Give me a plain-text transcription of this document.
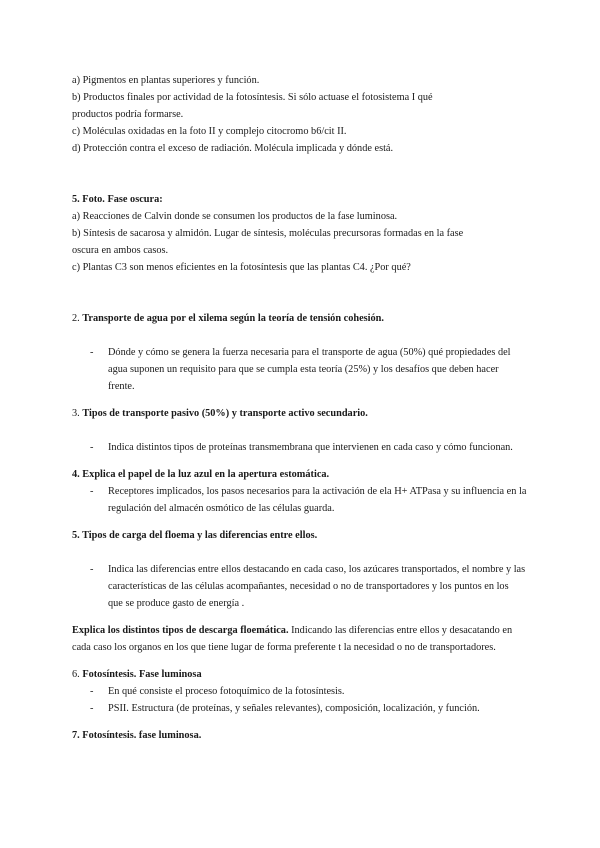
a) Pigmentos en plantas superiores y función.

b) Productos finales por actividad de la fotosíntesis. Si sólo actuase el fotosistema I qué

productos podría formarse.

c) Moléculas oxidadas en la foto II y complejo citocromo b6/cit II.

d) Protección contra el exceso de radiación. Molécula implicada y dónde está.

5. Foto. Fase oscura:

a) Reacciones de Calvin donde se consumen los productos de la fase luminosa.

b) Síntesis de sacarosa y almidón. Lugar de síntesis, moléculas precursoras formadas en la fase

oscura en ambos casos.

c) Plantas C3 son menos eficientes en la fotosíntesis que las plantas C4. ¿Por qué?

2. Transporte de agua por el xilema según la teoría de tensión cohesión.

- Dónde y cómo se genera la fuerza necesaria para el transporte de agua (50%) qué propiedades del
agua suponen un requisito para que se cumpla esta teoría (25%) y los desafíos que deben hacer
frente.

3. Tipos de transporte pasivo (50%) y transporte activo secundario.

- Indica distintos tipos de proteínas transmembrana que intervienen en cada caso y cómo funcionan.

4. Explica el papel de la luz azul en la apertura estomática.

- Receptores implicados, los pasos necesarios para la activación de ela H+ ATPasa y su influencia en la
regulación del almacén osmótico de las células guarda.

5. Tipos de carga del floema y las diferencias entre ellos.

- Indica las diferencias entre ellos destacando en cada caso, los azúcares transportados, el nombre y las
características de las células acompañantes, necesidad o no de transportadores y los puntos en los
que se produce gasto de energía .

Explica los distintos tipos de descarga floemática. Indicando las diferencias entre ellos y desacatando en

cada caso los organos en los que tiene lugar de forma preferente t la necesidad o no de transportadores.

6. Fotosíntesis. Fase luminosa

- En qué consiste el proceso fotoquímico de la fotosíntesis.
- PSII. Estructura (de proteínas, y señales relevantes), composición, localización, y función.

7. Fotosíntesis. fase luminosa.
